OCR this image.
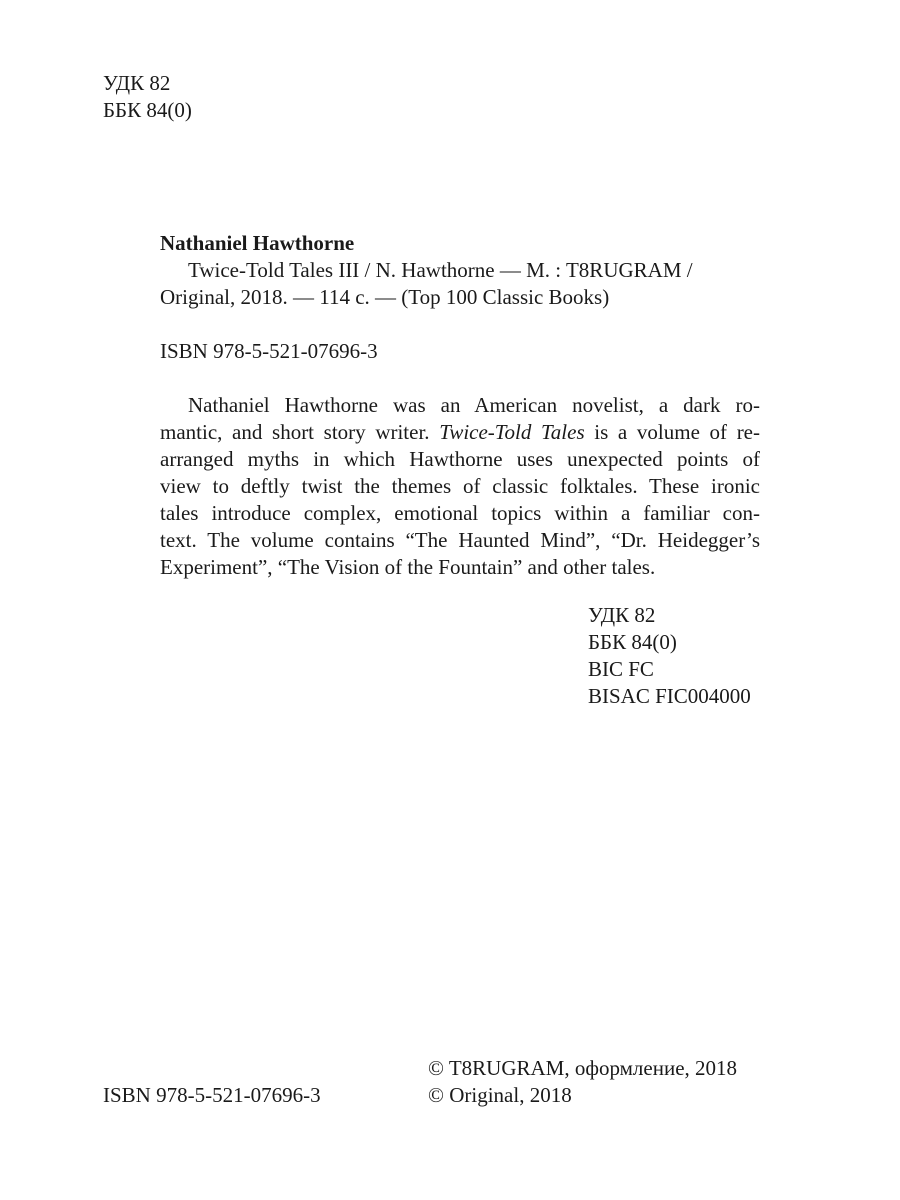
УДК 82
ББК 84(0)
Nathaniel Hawthorne
Twice-Told Tales III / N. Hawthorne — M. : T8RUGRAM /
Original, 2018. — 114 c. — (Top 100 Classic Books)
ISBN 978-5-521-07696-3
Nathaniel Hawthorne was an American novelist, a dark ro-
mantic, and short story writer. Twice-Told Tales is a volume of re-
arranged myths in which Hawthorne uses unexpected points of
view to deftly twist the themes of classic folktales. These ironic
tales introduce complex, emotional topics within a familiar con-
text. The volume contains “The Haunted Mind”, “Dr. Heidegger’s
Experiment”, “The Vision of the Fountain” and other tales.
УДК 82
ББК 84(0)
BIC FC
BISAC FIC004000
ISBN 978-5-521-07696-3
© T8RUGRAM, оформление, 2018
© Original, 2018
